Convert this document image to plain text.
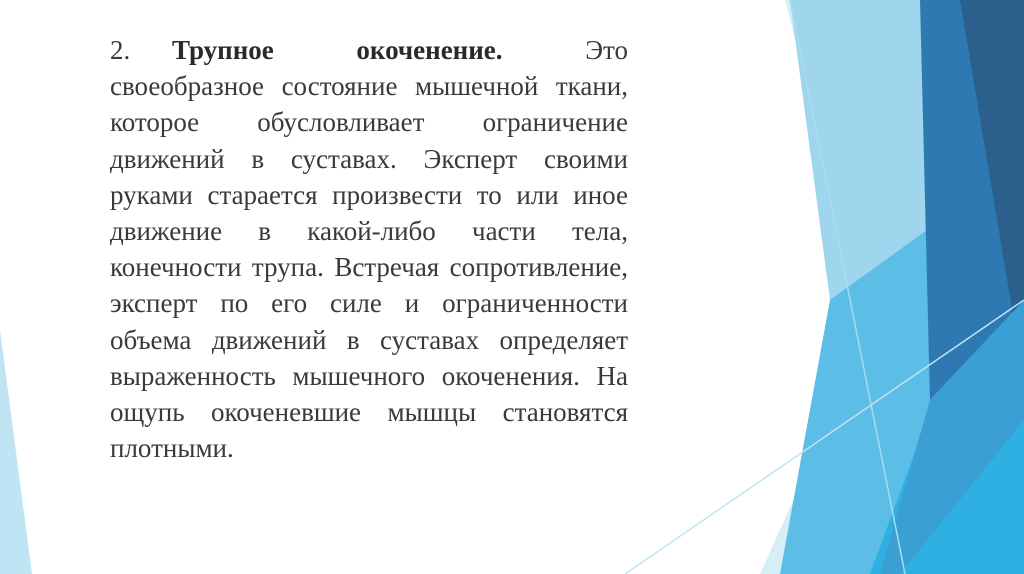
2. Трупное окоченение.	Это своеобразное состояние мышечной ткани, которое обусловливает ограничение движений в суставах. Эксперт своими руками старается произвести то или иное движение в какой-либо части тела, конечности трупа. Встречая сопротивление, эксперт по его силе и ограниченности объема движений в суставах определяет выраженность мышечного окоченения. На ощупь окоченевшие мышцы становятся плотными.
